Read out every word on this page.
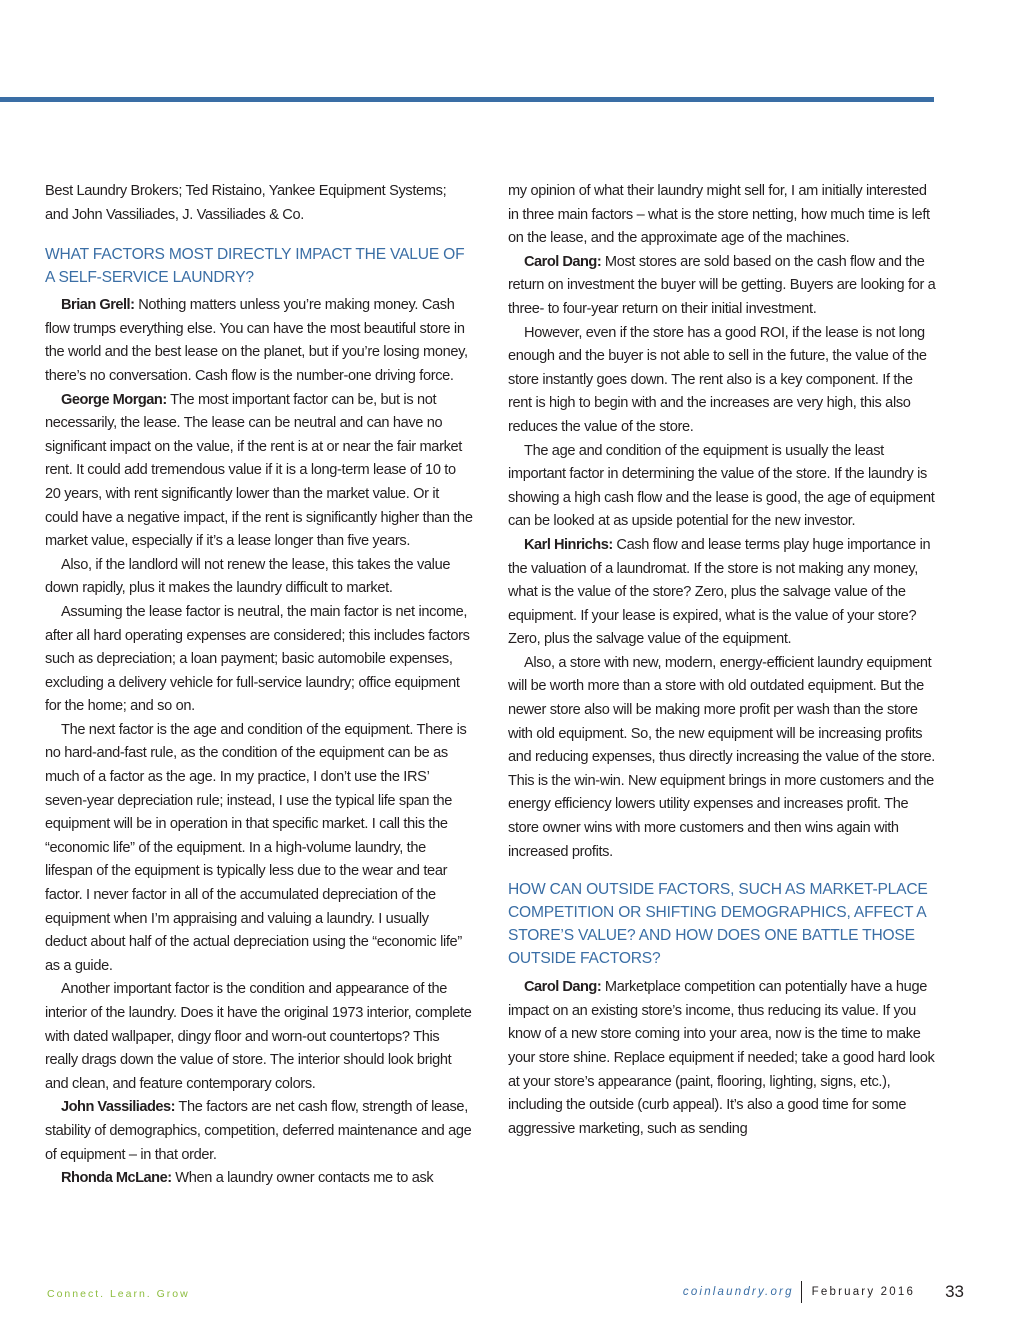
Best Laundry Brokers; Ted Ristaino, Yankee Equipment Systems; and John Vassiliades, J. Vassiliades & Co.

WHAT FACTORS MOST DIRECTLY IMPACT THE VALUE OF A SELF-SERVICE LAUNDRY?

Brian Grell: Nothing matters unless you’re making money. Cash flow trumps everything else. You can have the most beautiful store in the world and the best lease on the planet, but if you’re losing money, there’s no conversation. Cash flow is the number-one driving force.

George Morgan: The most important factor can be, but is not necessarily, the lease. The lease can be neutral and can have no significant impact on the value, if the rent is at or near the fair market rent. It could add tremendous value if it is a long-term lease of 10 to 20 years, with rent significantly lower than the market value. Or it could have a negative impact, if the rent is significantly higher than the market value, especially if it’s a lease longer than five years.

Also, if the landlord will not renew the lease, this takes the value down rapidly, plus it makes the laundry difficult to market.

Assuming the lease factor is neutral, the main factor is net income, after all hard operating expenses are considered; this includes factors such as depreciation; a loan payment; basic automobile expenses, excluding a delivery vehicle for full-service laundry; office equipment for the home; and so on.

The next factor is the age and condition of the equipment. There is no hard-and-fast rule, as the condition of the equipment can be as much of a factor as the age. In my practice, I don’t use the IRS’ seven-year depreciation rule; instead, I use the typical life span the equipment will be in operation in that specific market. I call this the “economic life” of the equipment. In a high-volume laundry, the lifespan of the equipment is typically less due to the wear and tear factor. I never factor in all of the accumulated depreciation of the equipment when I’m appraising and valuing a laundry. I usually deduct about half of the actual depreciation using the “economic life” as a guide.

Another important factor is the condition and appearance of the interior of the laundry. Does it have the original 1973 interior, complete with dated wallpaper, dingy floor and worn-out countertops? This really drags down the value of store. The interior should look bright and clean, and feature contemporary colors.

John Vassiliades: The factors are net cash flow, strength of lease, stability of demographics, competition, deferred maintenance and age of equipment – in that order.

Rhonda McLane: When a laundry owner contacts me to ask

my opinion of what their laundry might sell for, I am initially interested in three main factors – what is the store netting, how much time is left on the lease, and the approximate age of the machines.

Carol Dang: Most stores are sold based on the cash flow and the return on investment the buyer will be getting. Buyers are looking for a three- to four-year return on their initial investment.

However, even if the store has a good ROI, if the lease is not long enough and the buyer is not able to sell in the future, the value of the store instantly goes down. The rent also is a key component. If the rent is high to begin with and the increases are very high, this also reduces the value of the store.

The age and condition of the equipment is usually the least important factor in determining the value of the store. If the laundry is showing a high cash flow and the lease is good, the age of equipment can be looked at as upside potential for the new investor.

Karl Hinrichs: Cash flow and lease terms play huge importance in the valuation of a laundromat. If the store is not making any money, what is the value of the store? Zero, plus the salvage value of the equipment. If your lease is expired, what is the value of your store? Zero, plus the salvage value of the equipment.

Also, a store with new, modern, energy-efficient laundry equipment will be worth more than a store with old outdated equipment. But the newer store also will be making more profit per wash than the store with old equipment. So, the new equipment will be increasing profits and reducing expenses, thus directly increasing the value of the store. This is the win-win. New equipment brings in more customers and the energy efficiency lowers utility expenses and increases profit. The store owner wins with more customers and then wins again with increased profits.

HOW CAN OUTSIDE FACTORS, SUCH AS MARKET-PLACE COMPETITION OR SHIFTING DEMOGRAPHICS, AFFECT A STORE’S VALUE? AND HOW DOES ONE BATTLE THOSE OUTSIDE FACTORS?

Carol Dang: Marketplace competition can potentially have a huge impact on an existing store’s income, thus reducing its value. If you know of a new store coming into your area, now is the time to make your store shine. Replace equipment if needed; take a good hard look at your store’s appearance (paint, flooring, lighting, signs, etc.), including the outside (curb appeal). It’s also a good time for some aggressive marketing, such as sending

Connect. Learn. Grow	coinlaundry.org February 2016 33
